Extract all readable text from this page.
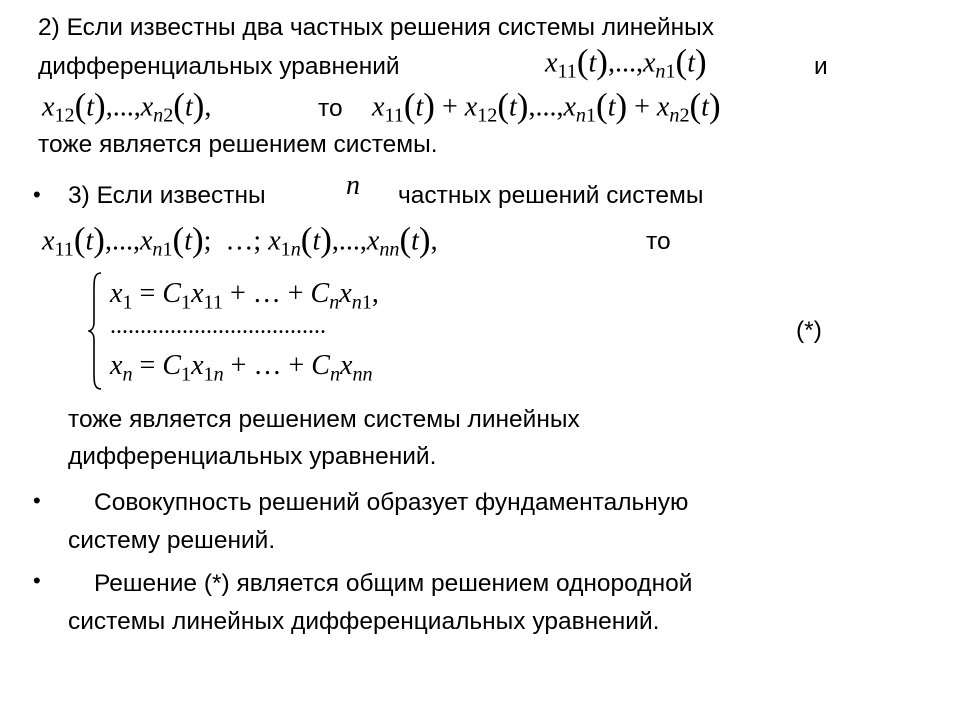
2) Если известны два частных решения системы линейных
дифференциальных уравнений	$x_{11}(t),...,x_{n1}(t)$	и
$x_{12}(t),...,x_{n2}(t)$,	то $x_{11}(t) + x_{12}(t),...,x_{n1}(t) + x_{n2}(t)$
тоже является решением системы.
• 3) Если известны	n частных решений системы
$x_{11}(t),...,x_{n1}(t)$;  …; $x_{1n}(t),...,x_{nn}(t)$,	то
$x_1 = C_1x_{11}$ + … + $C_nx_{n1}$,
....................................
$x_n = C_1x_{1n}$ + … + $C_nx_{nn}$
(*)
тоже является решением системы линейных
дифференциальных уравнений.
• Совокупность решений образует фундаментальную
систему решений.
• Решение (*) является общим решением однородной
системы линейных дифференциальных уравнений.
